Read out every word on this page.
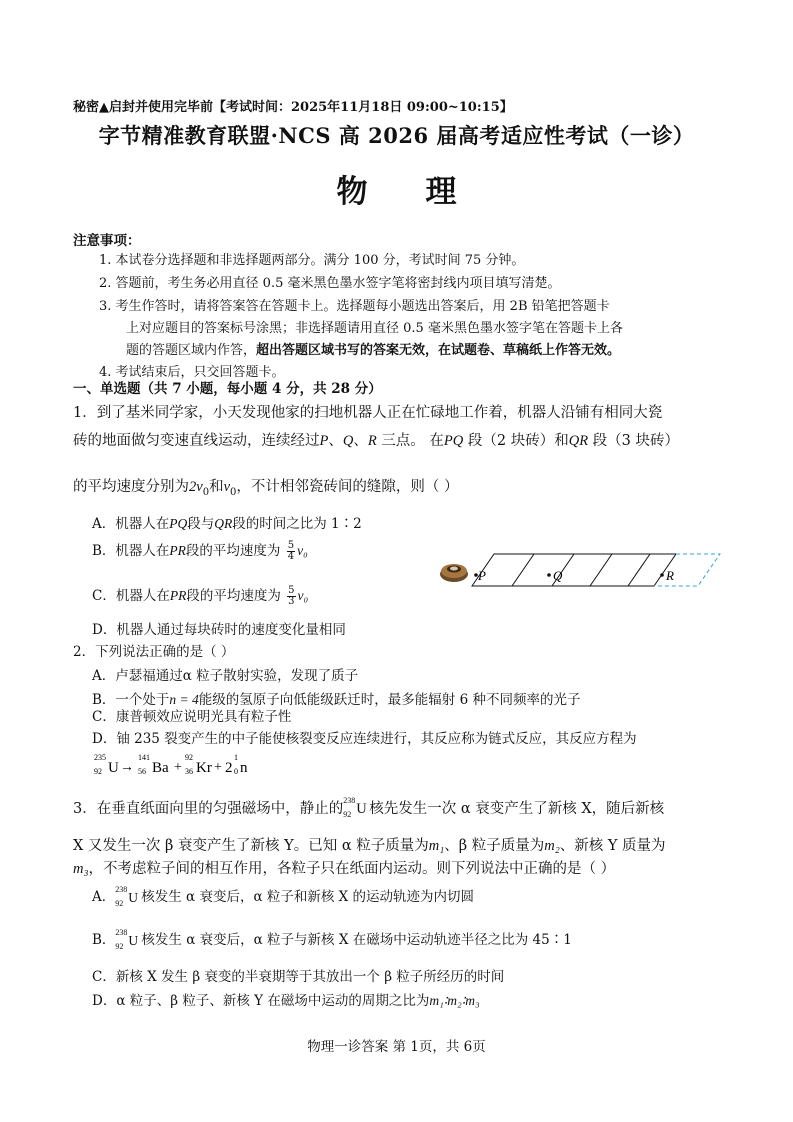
秘密▲启封并使用完毕前【考试时间：2025年11月18日 09:00~10:15】
字节精准教育联盟·NCS 高 2026 届高考适应性考试（一诊）
物理
注意事项：
1. 本试卷分选择题和非选择题两部分。满分 100 分，考试时间 75 分钟。
2. 答题前，考生务必用直径 0.5 毫米黑色墨水签字笔将密封线内项目填写清楚。
3. 考生作答时，请将答案答在答题卡上。选择题每小题选出答案后，用 2B 铅笔把答题卡
上对应题目的答案标号涂黑；非选择题请用直径 0.5 毫米黑色墨水签字笔在答题卡上各
题的答题区域内作答，超出答题区域书写的答案无效，在试题卷、草稿纸上作答无效。
4. 考试结束后，只交回答题卡。
一、单选题（共 7 小题，每小题 4 分，共 28 分）
1．到了基米同学家，小天发现他家的扫地机器人正在忙碌地工作着，机器人沿铺有相同大瓷
砖的地面做匀变速直线运动，连续经过P、Q、R 三点。 在PQ 段（2 块砖）和QR 段（3 块砖）
的平均速度分别为$2v_0$和$v_0$，不计相邻瓷砖间的缝隙，则（ ）
A．机器人在PQ段与QR段的时间之比为 1∶2
B．机器人在PR段的平均速度为 $\frac{5}{4} v_0$
C．机器人在PR段的平均速度为 $\frac{5}{3} v_0$
D．机器人通过每块砖时的速度变化量相同
P	Q	R
2．下列说法正确的是（ ）
A．卢瑟福通过α 粒子散射实验，发现了质子
B．一个处于n = 4能级的氢原子向低能级跃迁时，最多能辐射 6 种不同频率的光子
C．康普顿效应说明光具有粒子性
D．铀 235 裂变产生的中子能使核裂变反应连续进行，其反应称为链式反应，其反应方程为
235
92 U →
141
56 Ba +
92
36 Kr + 2
1
0 n
3．在垂直纸面向里的匀强磁场中，静止的
238
92 U 核先发生一次 α 衰变产生了新核 X，随后新核
X 又发生一次 β 衰变产生了新核 Y。已知 α 粒子质量为m₁、β 粒子质量为m₂、新核 Y 质量为
m₃，不考虑粒子间的相互作用，各粒子只在纸面内运动。则下列说法中正确的是（ ）
A． 238
92 U 核发生 α 衰变后，α 粒子和新核 X 的运动轨迹为内切圆
B． 238
92 U 核发生 α 衰变后，α 粒子与新核 X 在磁场中运动轨迹半径之比为 45∶1
C．新核 X 发生 β 衰变的半衰期等于其放出一个 β 粒子所经历的时间
D．α 粒子、β 粒子、新核 Y 在磁场中运动的周期之比为m₁∶m₂∶m₃
物理一诊答案 第 1页，共 6页
